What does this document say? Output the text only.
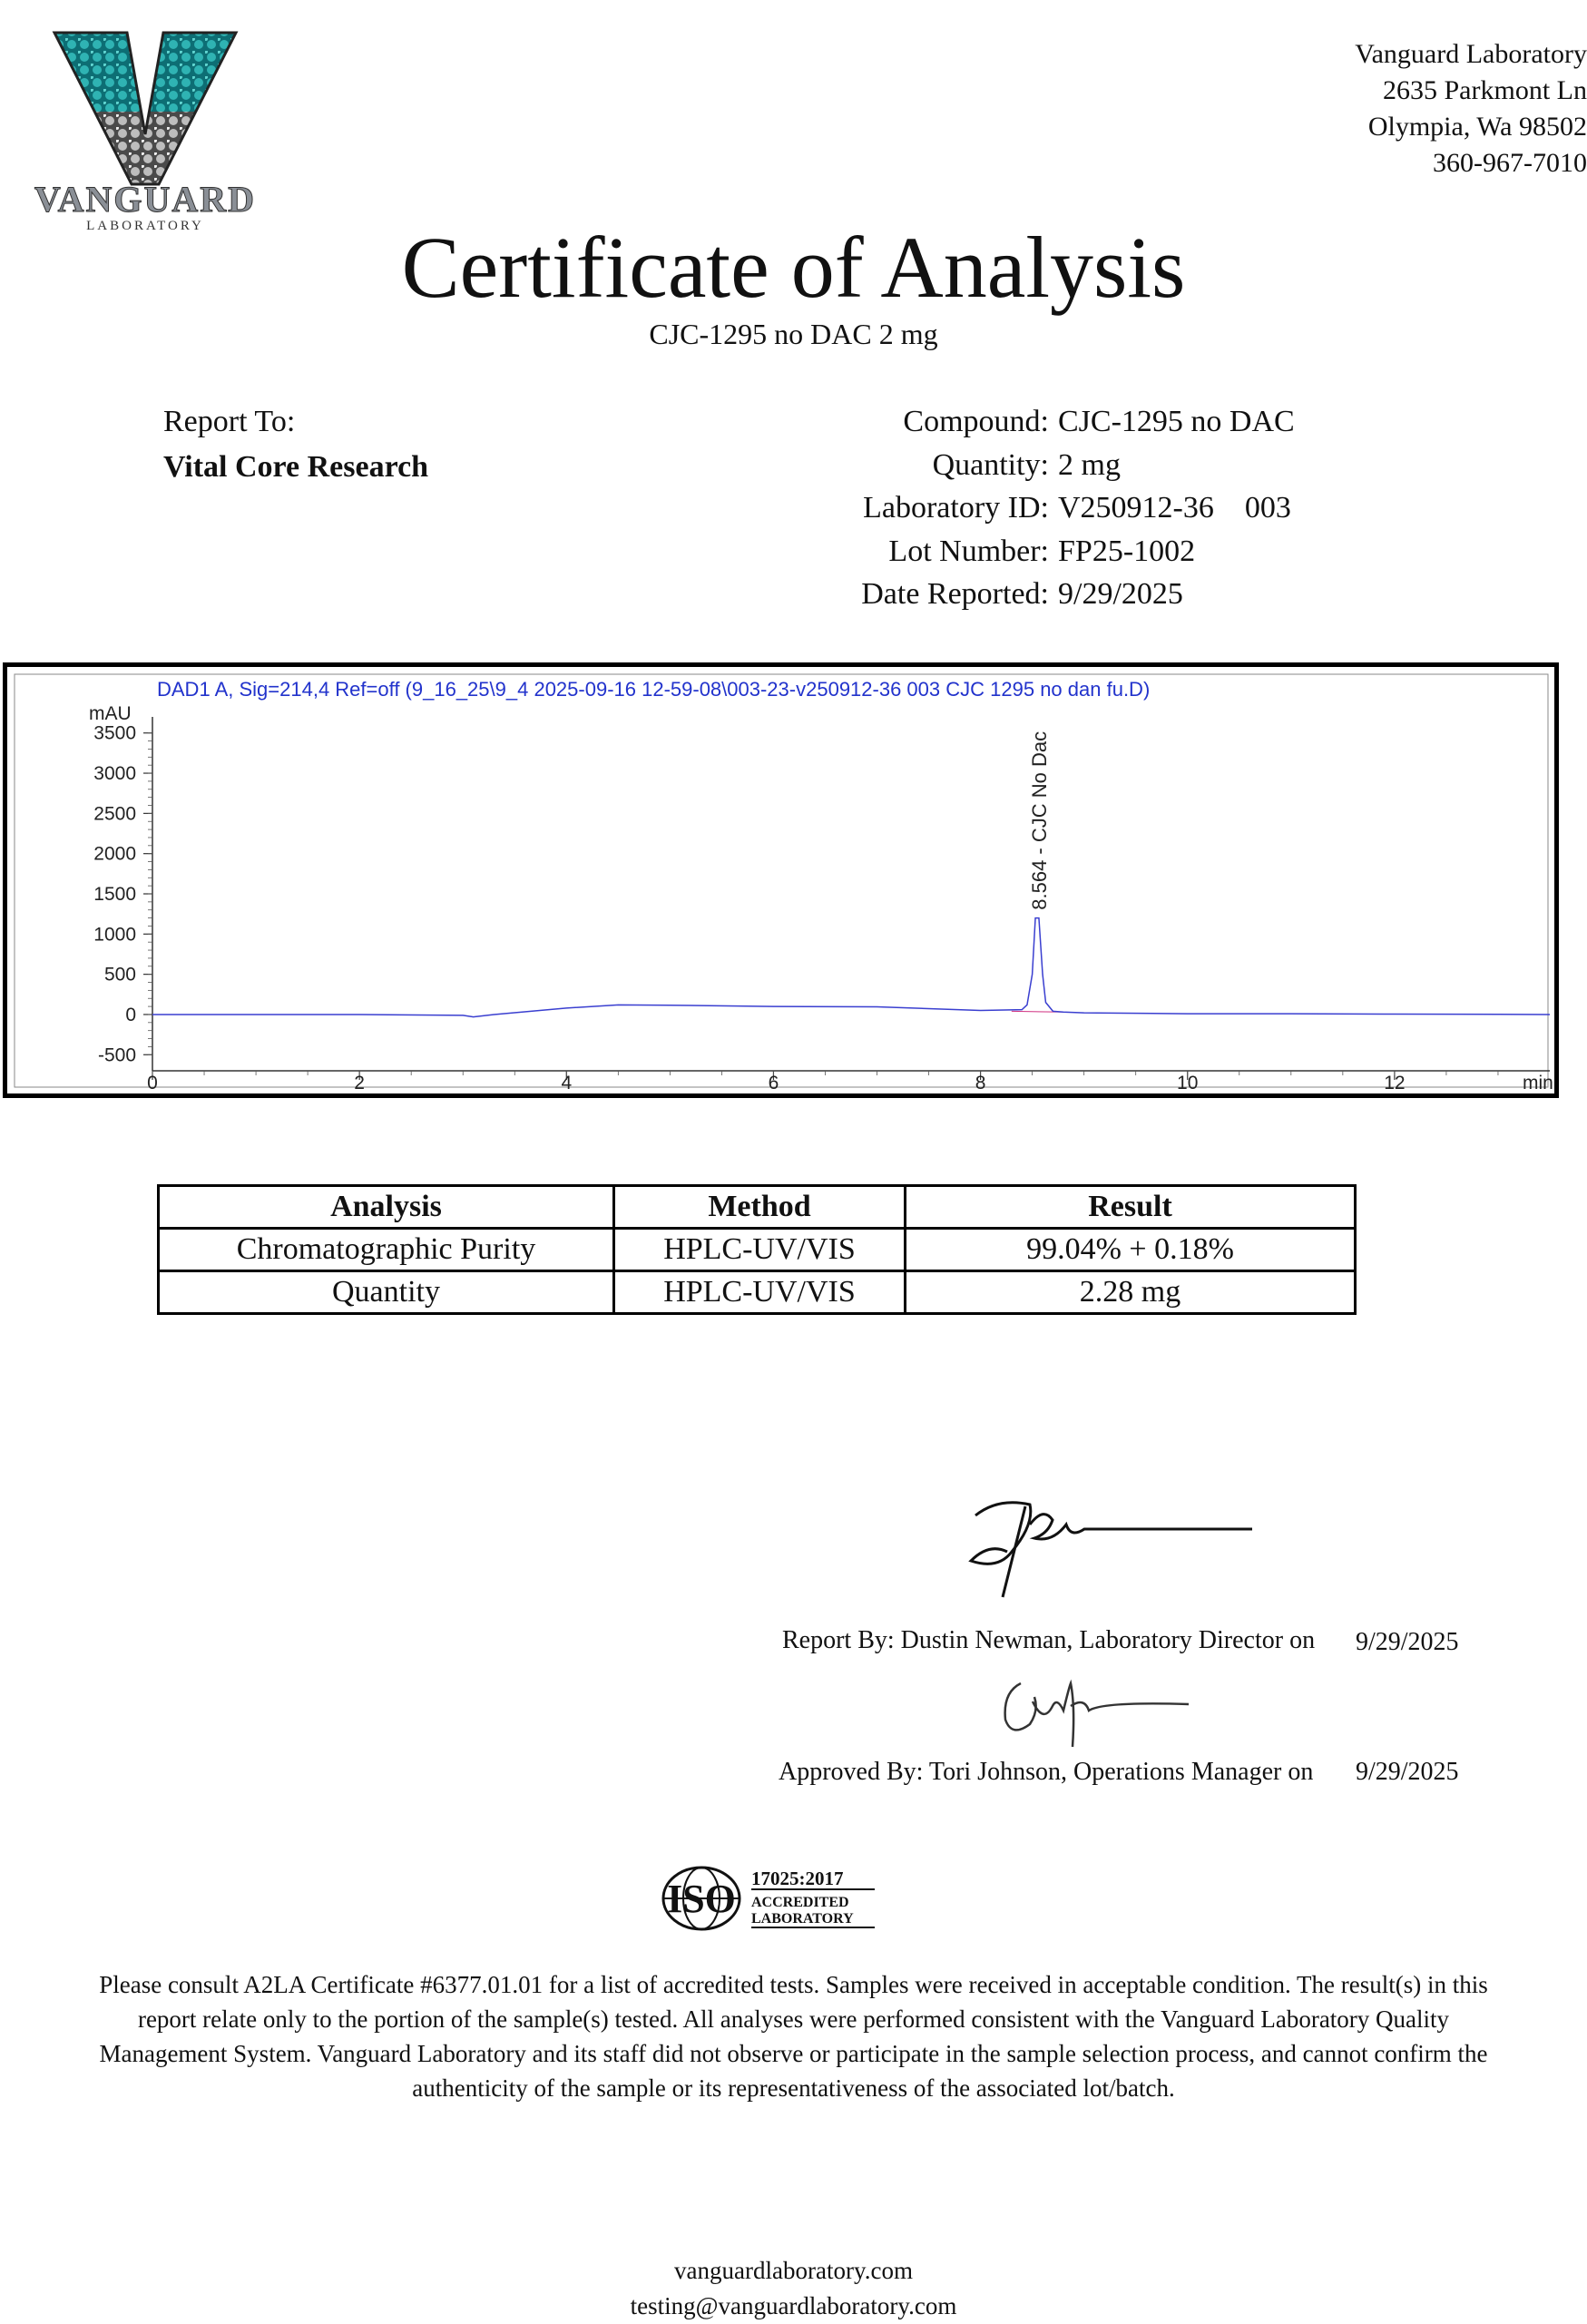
VANGUARD
LABORATORY
Vanguard Laboratory
2635 Parkmont Ln
Olympia, Wa 98502
360-967-7010
Certificate of Analysis
CJC-1295 no DAC 2 mg
Report To:
Vital Core Research
Compound: CJC-1295 no DAC
Quantity: 2 mg
Laboratory ID: V250912-36    003
Lot Number: FP25-1002
Date Reported: 9/29/2025
DAD1 A, Sig=214,4 Ref=off (9_16_25\9_4 2025-09-16 12-59-08\003-23-v250912-36 003 CJC 1295 no dan fu.D)
mAU
-500
0
500
1000
1500
2000
2500
3000
3500
0	2	4	6	8	10	12	min
8.564 - CJC No Dac
Analysis	Method	Result
Chromatographic Purity	HPLC-UV/VIS	99.04% + 0.18%
Quantity	HPLC-UV/VIS	2.28 mg
Report By: Dustin Newman, Laboratory Director on 9/29/2025
Approved By: Tori Johnson, Operations Manager on 9/29/2025
ISO 17025:2017
ACCREDITED
LABORATORY
Please consult A2LA Certificate #6377.01.01 for a list of accredited tests. Samples were received in acceptable condition. The result(s) in this
report relate only to the portion of the sample(s) tested. All analyses were performed consistent with the Vanguard Laboratory Quality
Management System. Vanguard Laboratory and its staff did not observe or participate in the sample selection process, and cannot confirm the
authenticity of the sample or its representativeness of the associated lot/batch.
vanguardlaboratory.com
testing@vanguardlaboratory.com
